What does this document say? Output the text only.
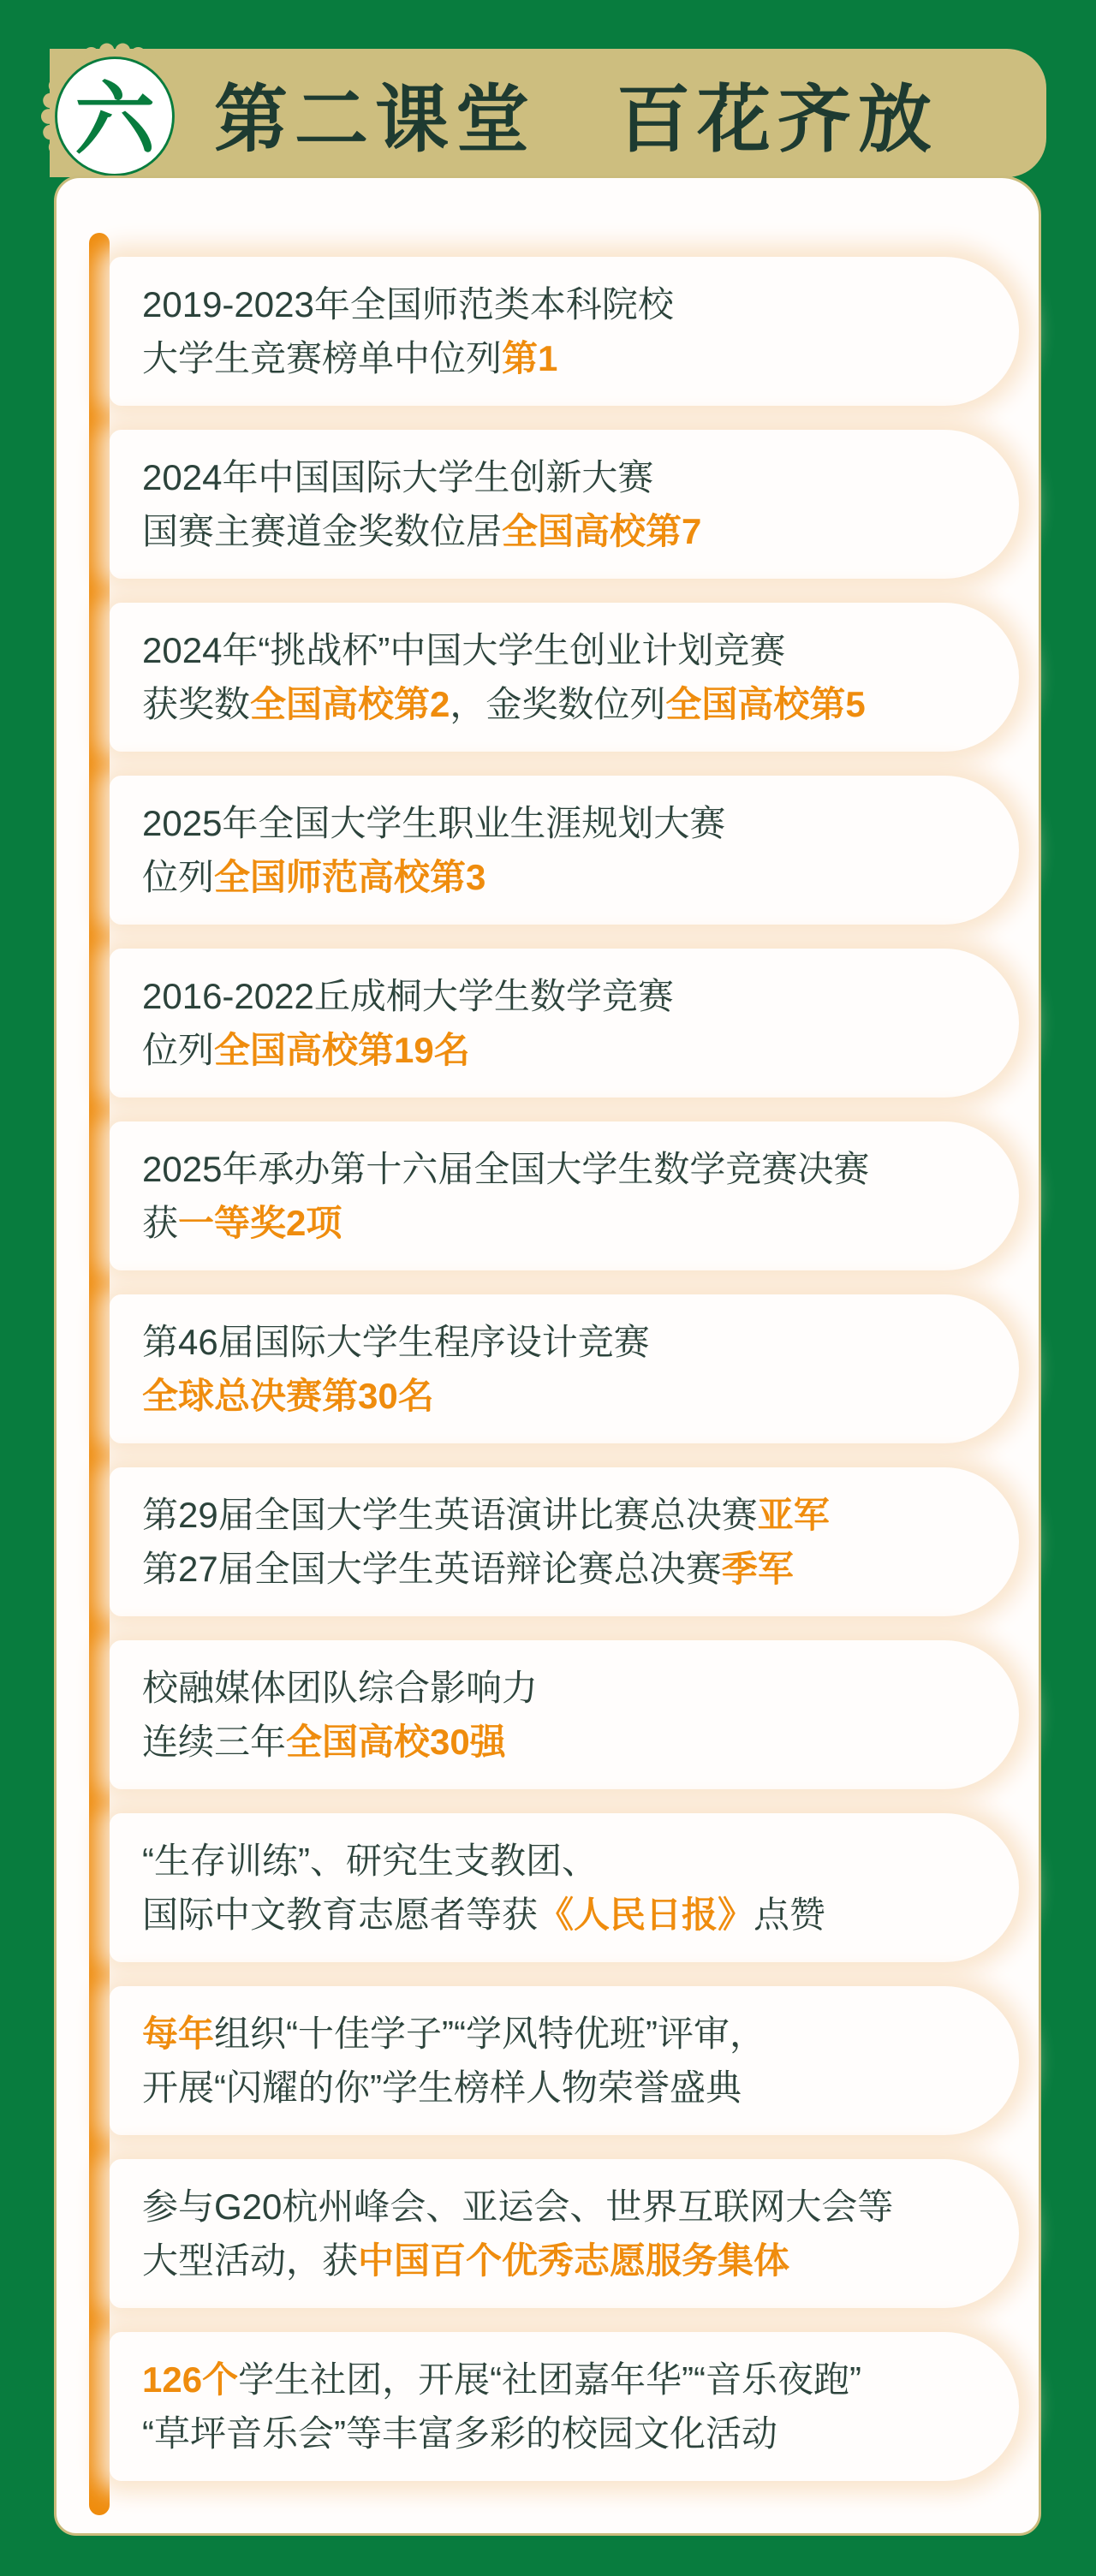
六 第二课堂　百花齐放

2019-2023年全国师范类本科院校

大学生竞赛榜单中位列第1

2024年中国国际大学生创新大赛

国赛主赛道金奖数位居全国高校第7

2024年“挑战杯”中国大学生创业计划竞赛

获奖数全国高校第2，金奖数位列全国高校第5

2025年全国大学生职业生涯规划大赛

位列全国师范高校第3

2016-2022丘成桐大学生数学竞赛

位列全国高校第19名

2025年承办第十六届全国大学生数学竞赛决赛

获一等奖2项

第46届国际大学生程序设计竞赛

全球总决赛第30名

第29届全国大学生英语演讲比赛总决赛亚军

第27届全国大学生英语辩论赛总决赛季军

校融媒体团队综合影响力

连续三年全国高校30强

“生存训练”、研究生支教团、

国际中文教育志愿者等获《人民日报》点赞

每年组织“十佳学子”“学风特优班”评审，

开展“闪耀的你”学生榜样人物荣誉盛典

参与G20杭州峰会、亚运会、世界互联网大会等

大型活动，获中国百个优秀志愿服务集体

126个学生社团，开展“社团嘉年华”“音乐夜跑”

“草坪音乐会”等丰富多彩的校园文化活动
